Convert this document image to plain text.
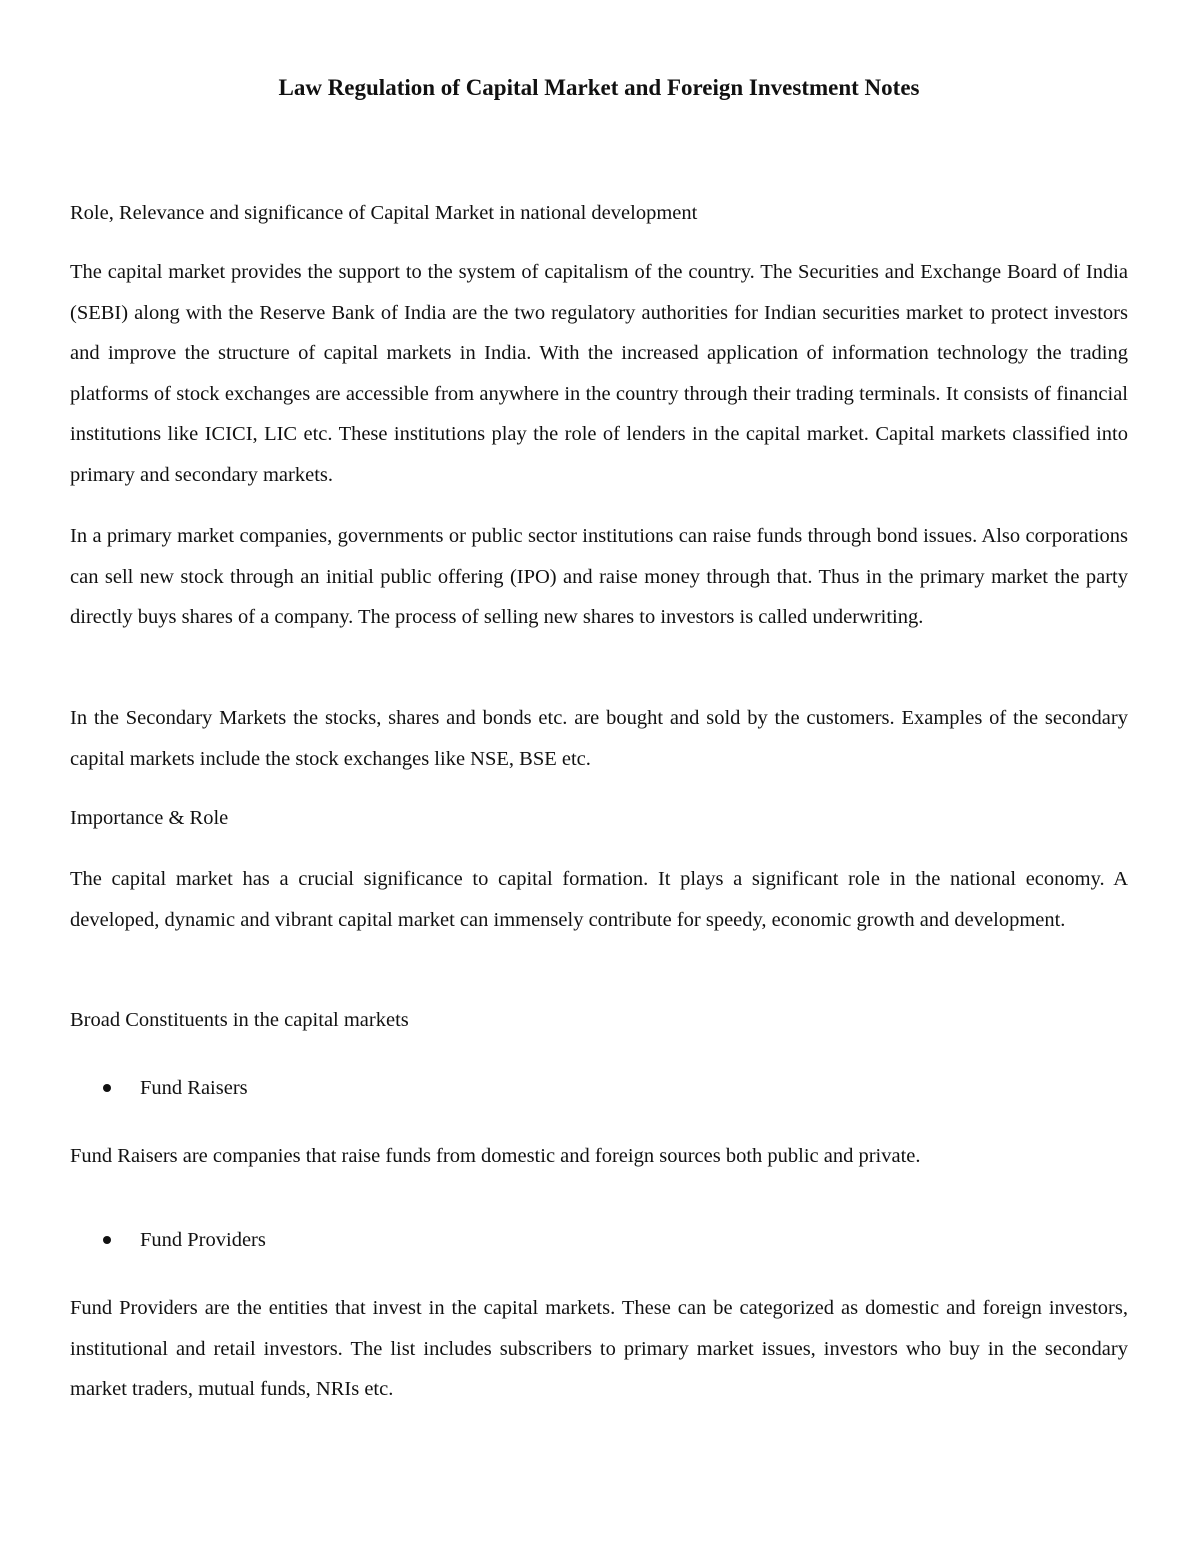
Law Regulation of Capital Market and Foreign Investment Notes

Role, Relevance and significance of Capital Market in national development

The capital market provides the support to the system of capitalism of the country. The Securities and Exchange Board of India (SEBI) along with the Reserve Bank of India are the two regulatory authorities for Indian securities market to protect investors and improve the structure of capital markets in India. With the increased application of information technology the trading platforms of stock exchanges are accessible from anywhere in the country through their trading terminals. It consists of financial institutions like ICICI, LIC etc. These institutions play the role of lenders in the capital market. Capital markets classified into primary and secondary markets.

In a primary market companies, governments or public sector institutions can raise funds through bond issues. Also corporations can sell new stock through an initial public offering (IPO) and raise money through that. Thus in the primary market the party directly buys shares of a company. The process of selling new shares to investors is called underwriting.

In the Secondary Markets the stocks, shares and bonds etc. are bought and sold by the customers. Examples of the secondary capital markets include the stock exchanges like NSE, BSE etc.

Importance & Role

The capital market has a crucial significance to capital formation. It plays a significant role in the national economy. A developed, dynamic and vibrant capital market can immensely contribute for speedy, economic growth and development.

Broad Constituents in the capital markets

Fund Raisers

Fund Raisers are companies that raise funds from domestic and foreign sources both public and private.

Fund Providers

Fund Providers are the entities that invest in the capital markets. These can be categorized as domestic and foreign investors, institutional and retail investors. The list includes subscribers to primary market issues, investors who buy in the secondary market traders, mutual funds, NRIs etc.
